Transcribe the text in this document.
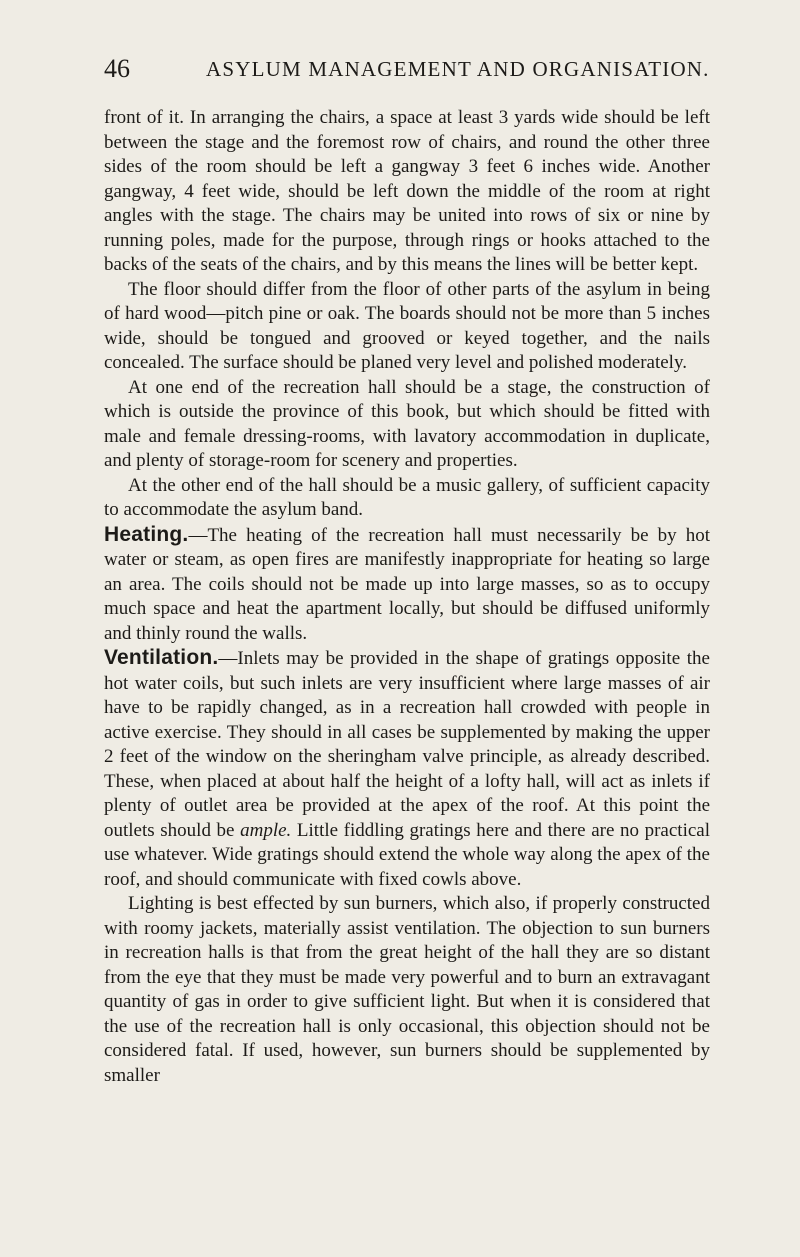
46	ASYLUM MANAGEMENT AND ORGANISATION.

front of it. In arranging the chairs, a space at least 3 yards wide should be left between the stage and the foremost row of chairs, and round the other three sides of the room should be left a gangway 3 feet 6 inches wide. Another gangway, 4 feet wide, should be left down the middle of the room at right angles with the stage. The chairs may be united into rows of six or nine by running poles, made for the purpose, through rings or hooks attached to the backs of the seats of the chairs, and by this means the lines will be better kept.

The floor should differ from the floor of other parts of the asylum in being of hard wood—pitch pine or oak. The boards should not be more than 5 inches wide, should be tongued and grooved or keyed together, and the nails concealed. The surface should be planed very level and polished moderately.

At one end of the recreation hall should be a stage, the construction of which is outside the province of this book, but which should be fitted with male and female dressing-rooms, with lavatory accommodation in duplicate, and plenty of storage-room for scenery and properties.

At the other end of the hall should be a music gallery, of sufficient capacity to accommodate the asylum band.

Heating.—The heating of the recreation hall must necessarily be by hot water or steam, as open fires are manifestly inappropriate for heating so large an area. The coils should not be made up into large masses, so as to occupy much space and heat the apartment locally, but should be diffused uniformly and thinly round the walls.

Ventilation.—Inlets may be provided in the shape of gratings opposite the hot water coils, but such inlets are very insufficient where large masses of air have to be rapidly changed, as in a recreation hall crowded with people in active exercise. They should in all cases be supplemented by making the upper 2 feet of the window on the sheringham valve principle, as already described. These, when placed at about half the height of a lofty hall, will act as inlets if plenty of outlet area be provided at the apex of the roof. At this point the outlets should be ample. Little fiddling gratings here and there are no practical use whatever. Wide gratings should extend the whole way along the apex of the roof, and should communicate with fixed cowls above.

Lighting is best effected by sun burners, which also, if properly constructed with roomy jackets, materially assist ventilation. The objection to sun burners in recreation halls is that from the great height of the hall they are so distant from the eye that they must be made very powerful and to burn an extravagant quantity of gas in order to give sufficient light. But when it is considered that the use of the recreation hall is only occasional, this objection should not be considered fatal. If used, however, sun burners should be supplemented by smaller
